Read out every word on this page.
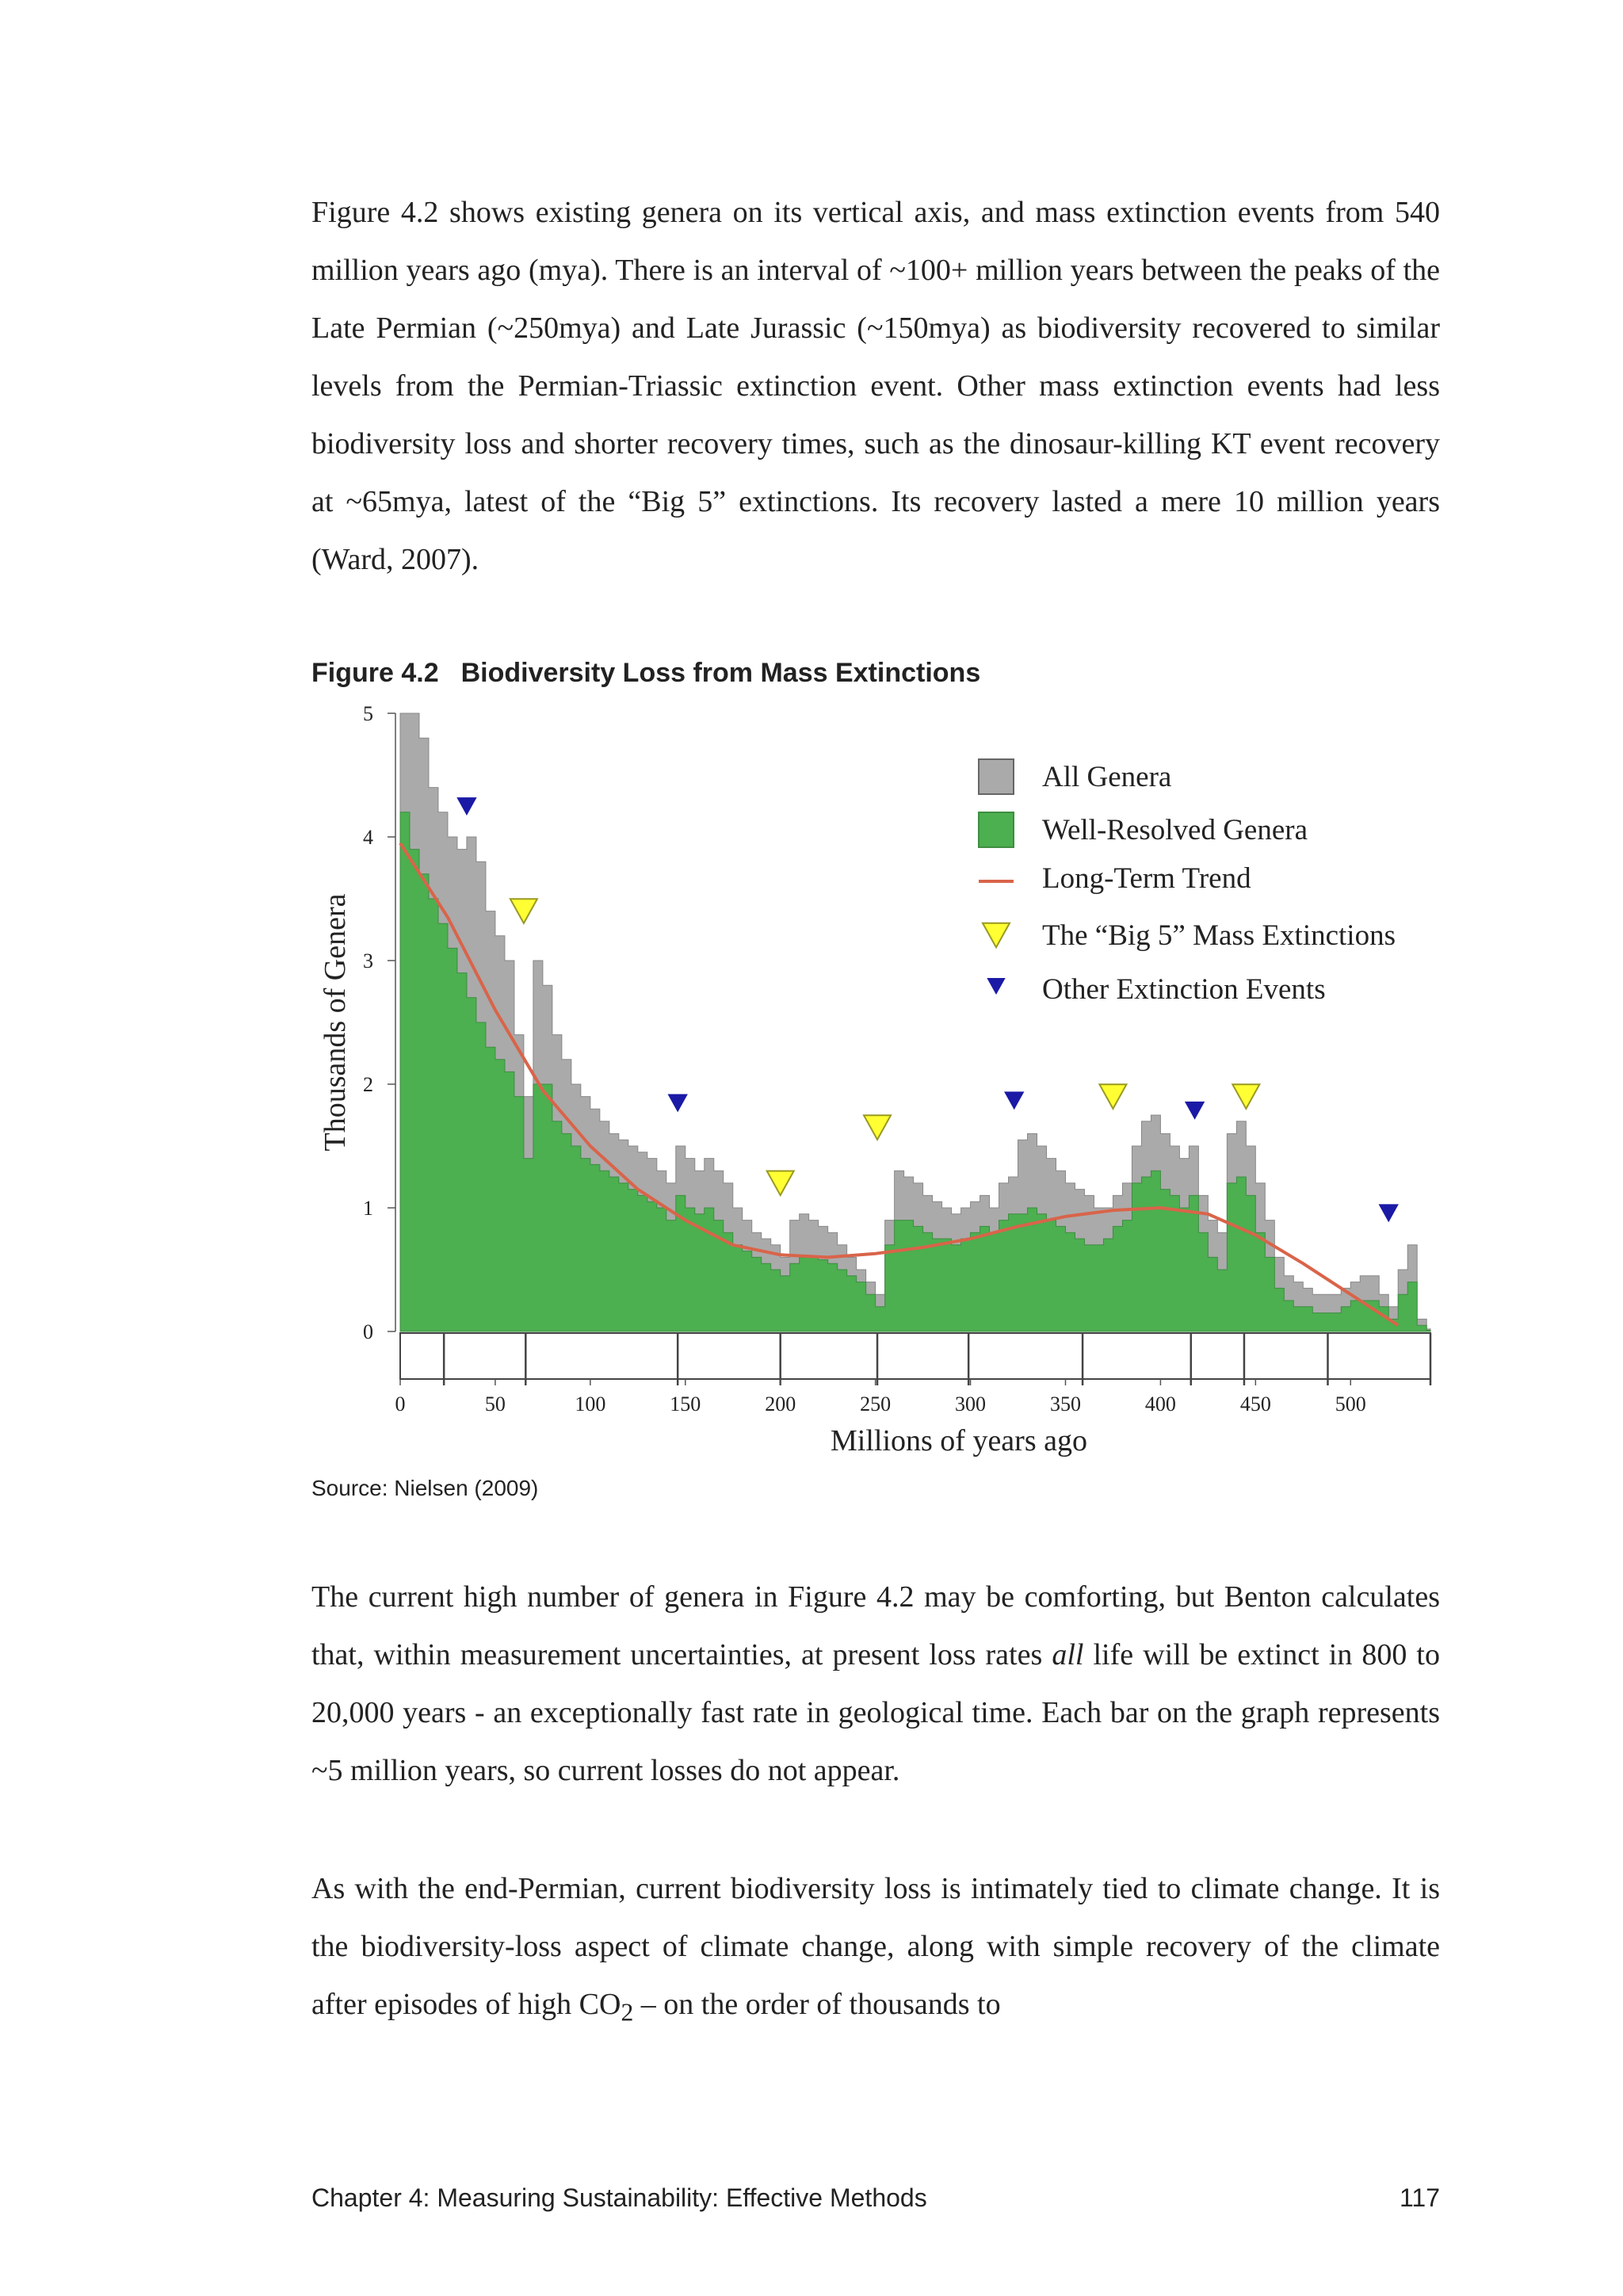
Figure 4.2 shows existing genera on its vertical axis, and mass extinction events from 540 million years ago (mya). There is an interval of ~100+ million years between the peaks of the Late Permian (~250mya) and Late Jurassic (~150mya) as biodiversity recovered to similar levels from the Permian-Triassic extinction event. Other mass extinction events had less biodiversity loss and shorter recovery times, such as the dinosaur-killing KT event recovery at ~65mya, latest of the “Big 5” extinctions. Its recovery lasted a mere 10 million years (Ward, 2007).

Figure 4.2 Biodiversity Loss from Mass Extinctions
0
1
2
3
4
5
Thousands of Genera
0	50	100	150	200	250	300	350	400	450	500
Millions of years ago
All Genera
Well-Resolved Genera
Long-Term Trend
The “Big 5” Mass Extinctions
Other Extinction Events
Source: Nielsen (2009)

The current high number of genera in Figure 4.2 may be comforting, but Benton calculates that, within measurement uncertainties, at present loss rates all life will be extinct in 800 to 20,000 years - an exceptionally fast rate in geological time. Each bar on the graph represents ~5 million years, so current losses do not appear.

As with the end-Permian, current biodiversity loss is intimately tied to climate change. It is the biodiversity-loss aspect of climate change, along with simple recovery of the climate after episodes of high $CO_2$ – on the order of thousands to

Chapter 4: Measuring Sustainability: Effective Methods	117
